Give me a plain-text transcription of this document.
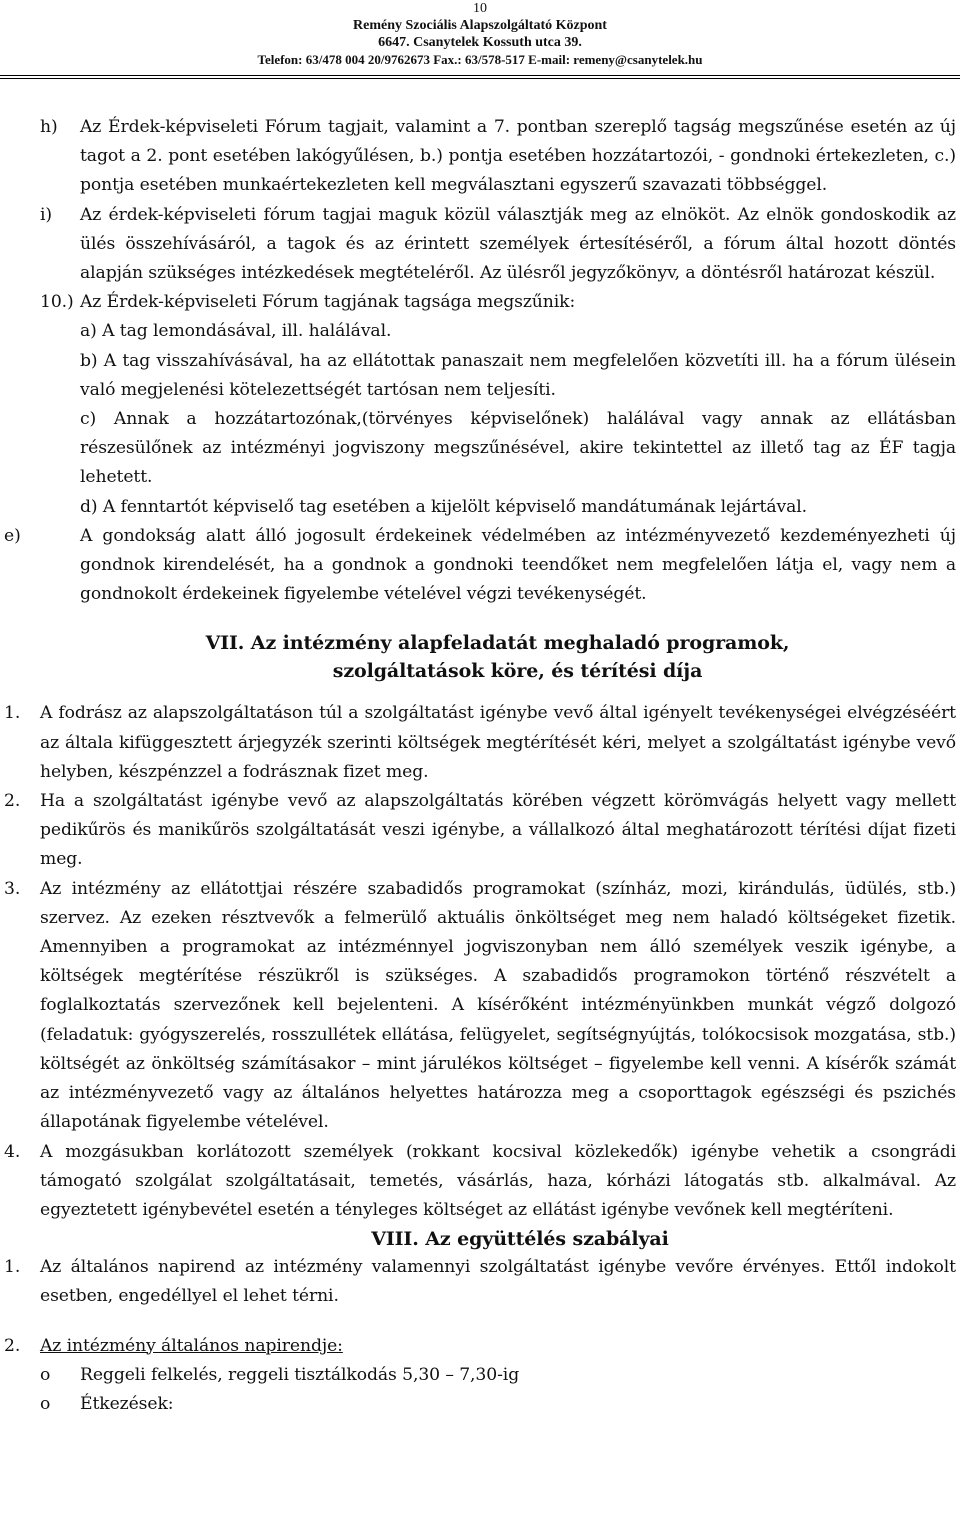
10
Remény Szociális Alapszolgáltató Központ
6647. Csanytelek Kossuth utca 39.
Telefon: 63/478 004 20/9762673 Fax.: 63/578-517 E-mail: remeny@csanytelek.hu
h) Az Érdek-képviseleti Fórum tagjait, valamint a 7. pontban szereplő tagság megszűnése esetén az új tagot a 2. pont esetében lakógyűlésen, b.) pontja esetében hozzátartozói, - gondnoki értekezleten, c.) pontja esetében munkaértekezleten kell megválasztani egyszerű szavazati többséggel.
i) Az érdek-képviseleti fórum tagjai maguk közül választják meg az elnököt. Az elnök gondoskodik az ülés összehívásáról, a tagok és az érintett személyek értesítéséről, a fórum által hozott döntés alapján szükséges intézkedések megtételéről. Az ülésről jegyzőkönyv, a döntésről határozat készül.
10.) Az Érdek-képviseleti Fórum tagjának tagsága megszűnik:
a) A tag lemondásával, ill. halálával.
b) A tag visszahívásával, ha az ellátottak panaszait nem megfelelően közvetíti ill. ha a fórum ülésein való megjelenési kötelezettségét tartósan nem teljesíti.
c) Annak a hozzátartozónak,(törvényes képviselőnek) halálával vagy annak az ellátásban részesülőnek az intézményi jogviszony megszűnésével, akire tekintettel az illető tag az ÉF tagja lehetett.
d) A fenntartót képviselő tag esetében a kijelölt képviselő mandátumának lejártával.
e)	A gondokság alatt álló jogosult érdekeinek védelmében az intézményvezető kezdeményezheti új gondnok kirendelését, ha a gondnok a gondnoki teendőket nem megfelelően látja el, vagy nem a gondnokolt érdekeinek figyelembe vételével végzi tevékenységét.
VII. Az intézmény alapfeladatát meghaladó programok,
szolgáltatások köre, és térítési díja
1. A fodrász az alapszolgáltatáson túl a szolgáltatást igénybe vevő által igényelt tevékenységei elvégzéséért az általa kifüggesztett árjegyzék szerinti költségek megtérítését kéri, melyet a szolgáltatást igénybe vevő helyben, készpénzzel a fodrásznak fizet meg.
2. Ha a szolgáltatást igénybe vevő az alapszolgáltatás körében végzett körömvágás helyett vagy mellett pedikűrös és manikűrös szolgáltatását veszi igénybe, a vállalkozó által meghatározott térítési díjat fizeti meg.
3. Az intézmény az ellátottjai részére szabadidős programokat (színház, mozi, kirándulás, üdülés, stb.) szervez. Az ezeken résztvevők a felmerülő aktuális önköltséget meg nem haladó költségeket fizetik. Amennyiben a programokat az intézménnyel jogviszonyban nem álló személyek veszik igénybe, a költségek megtérítése részükről is szükséges. A szabadidős programokon történő részvételt a foglalkoztatás szervezőnek kell bejelenteni. A kísérőként intézményünkben munkát végző dolgozó (feladatuk: gyógyszerelés, rosszullétek ellátása, felügyelet, segítségnyújtás, tolókocsisok mozgatása, stb.) költségét az önköltség számításakor – mint járulékos költséget – figyelembe kell venni. A kísérők számát az intézményvezető vagy az általános helyettes határozza meg a csoporttagok egészségi és pszichés állapotának figyelembe vételével.
4. A mozgásukban korlátozott személyek (rokkant kocsival közlekedők) igénybe vehetik a csongrádi támogató szolgálat szolgáltatásait, temetés, vásárlás, haza, kórházi látogatás stb. alkalmával. Az egyeztetett igénybevétel esetén a tényleges költséget az ellátást igénybe vevőnek kell megtéríteni.
VIII. Az együttélés szabályai
1. Az általános napirend az intézmény valamennyi szolgáltatást igénybe vevőre érvényes. Ettől indokolt esetben, engedéllyel el lehet térni.
2. Az intézmény általános napirendje:
o Reggeli felkelés, reggeli tisztálkodás 5,30 – 7,30-ig
o Étkezések:
